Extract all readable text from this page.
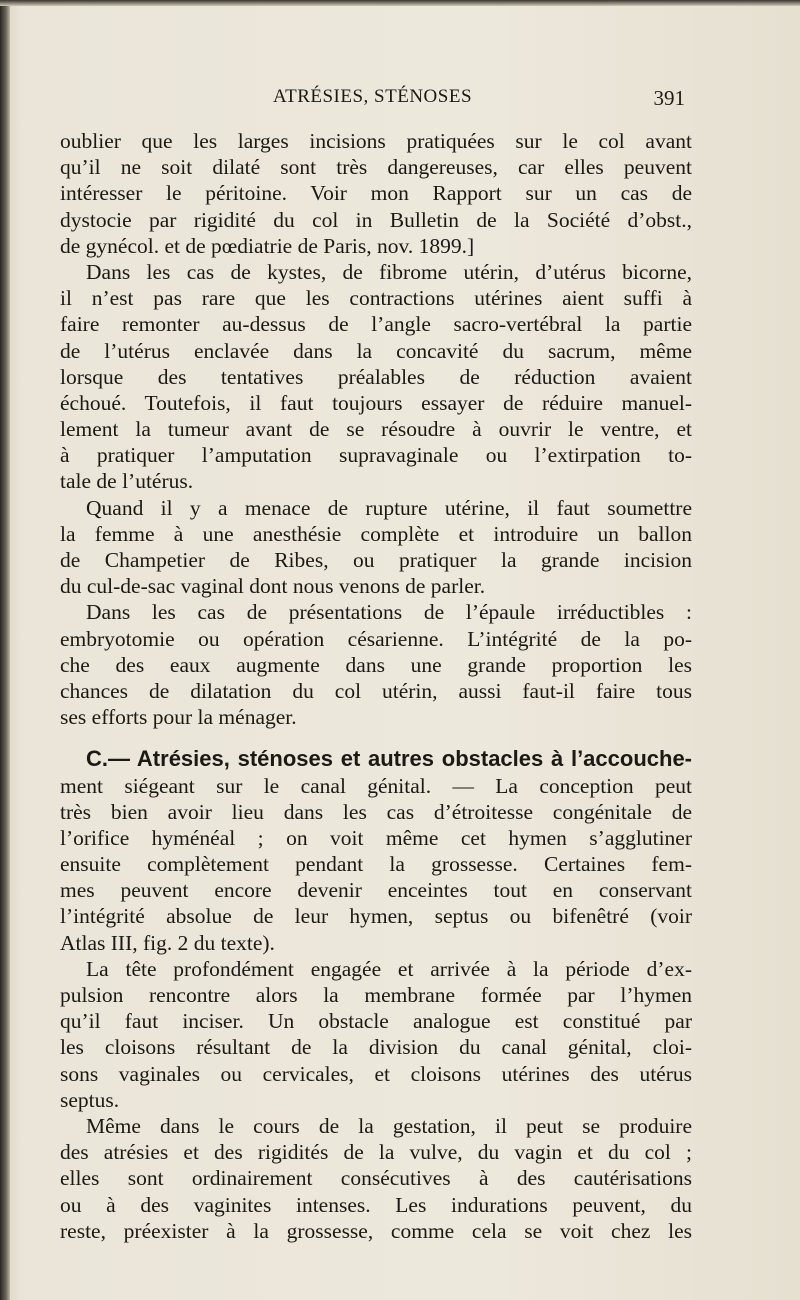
ATRÉSIES, STÉNOSES	391
oublier que les larges incisions pratiquées sur le col avant
qu’il ne soit dilaté sont très dangereuses, car elles peuvent
intéresser le péritoine. Voir mon Rapport sur un cas de
dystocie par rigidité du col in Bulletin de la Société d’obst.,
de gynécol. et de pœdiatrie de Paris, nov. 1899.]
Dans les cas de kystes, de fibrome utérin, d’utérus bicorne,
il n’est pas rare que les contractions utérines aient suffi à
faire remonter au-dessus de l’angle sacro-vertébral la partie
de l’utérus enclavée dans la concavité du sacrum, même
lorsque des tentatives préalables de réduction avaient
échoué. Toutefois, il faut toujours essayer de réduire manuel-
lement la tumeur avant de se résoudre à ouvrir le ventre, et
à pratiquer l’amputation supravaginale ou l’extirpation to-
tale de l’utérus.
Quand il y a menace de rupture utérine, il faut soumettre
la femme à une anesthésie complète et introduire un ballon
de Champetier de Ribes, ou pratiquer la grande incision
du cul-de-sac vaginal dont nous venons de parler.
Dans les cas de présentations de l’épaule irréductibles :
embryotomie ou opération césarienne. L’intégrité de la po-
che des eaux augmente dans une grande proportion les
chances de dilatation du col utérin, aussi faut-il faire tous
ses efforts pour la ménager.
C.— Atrésies, sténoses et autres obstacles à l’accouche-
ment siégeant sur le canal génital. — La conception peut
très bien avoir lieu dans les cas d’étroitesse congénitale de
l’orifice hyménéal ; on voit même cet hymen s’agglutiner
ensuite complètement pendant la grossesse. Certaines fem-
mes peuvent encore devenir enceintes tout en conservant
l’intégrité absolue de leur hymen, septus ou bifenêtré (voir
Atlas III, fig. 2 du texte).
La tête profondément engagée et arrivée à la période d’ex-
pulsion rencontre alors la membrane formée par l’hymen
qu’il faut inciser. Un obstacle analogue est constitué par
les cloisons résultant de la division du canal génital, cloi-
sons vaginales ou cervicales, et cloisons utérines des utérus
septus.
Même dans le cours de la gestation, il peut se produire
des atrésies et des rigidités de la vulve, du vagin et du col ;
elles sont ordinairement consécutives à des cautérisations
ou à des vaginites intenses. Les indurations peuvent, du
reste, préexister à la grossesse, comme cela se voit chez les
